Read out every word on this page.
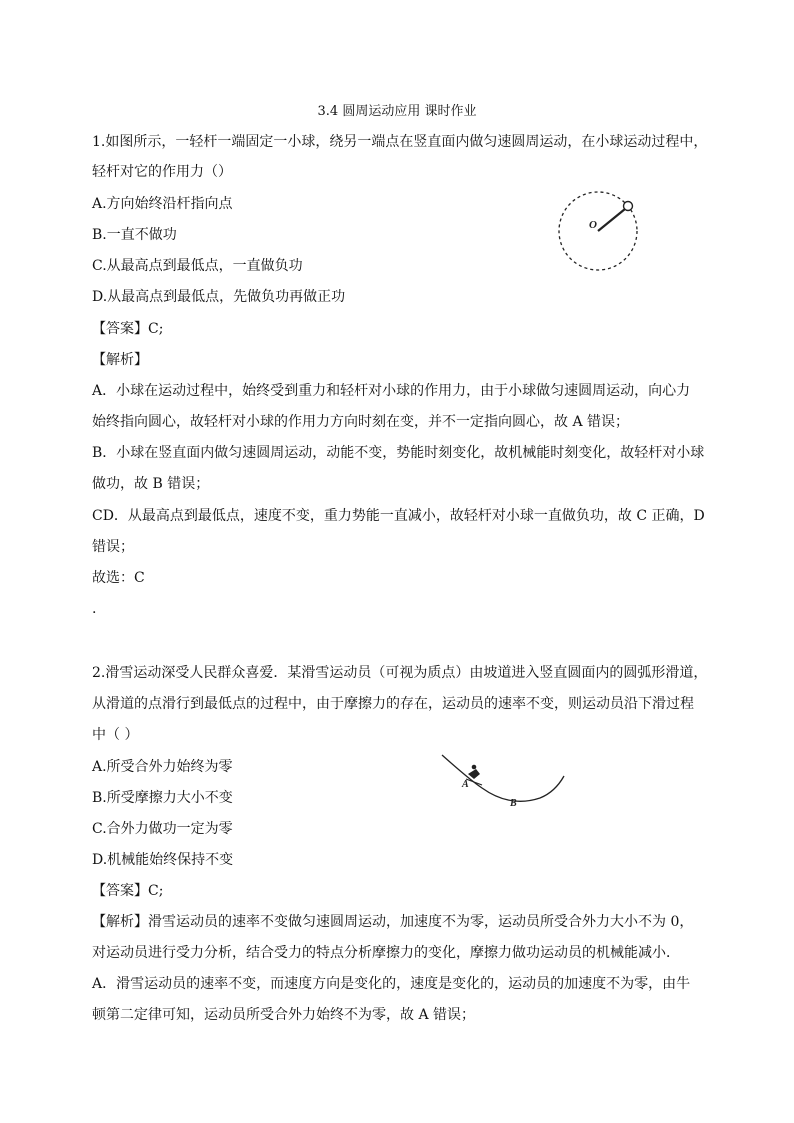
3.4 圆周运动应用 课时作业
1.如图所示，一轻杆一端固定一小球，绕另一端点在竖直面内做匀速圆周运动，在小球运动过程中，
轻杆对它的作用力（）
A.方向始终沿杆指向点
B.一直不做功
C.从最高点到最低点，一直做负功
D.从最高点到最低点，先做负功再做正功
【答案】C;
【解析】
A．小球在运动过程中，始终受到重力和轻杆对小球的作用力，由于小球做匀速圆周运动，向心力
始终指向圆心，故轻杆对小球的作用力方向时刻在变，并不一定指向圆心，故 A 错误；
B．小球在竖直面内做匀速圆周运动，动能不变，势能时刻变化，故机械能时刻变化，故轻杆对小球
做功，故 B 错误；
CD．从最高点到最低点，速度不变，重力势能一直减小，故轻杆对小球一直做负功，故 C 正确，D
错误；
故选：C
.
O
2.滑雪运动深受人民群众喜爱．某滑雪运动员（可视为质点）由坡道进入竖直圆面内的圆弧形滑道，
从滑道的点滑行到最低点的过程中，由于摩擦力的存在，运动员的速率不变，则运动员沿下滑过程
中（ ）
A.所受合外力始终为零
B.所受摩擦力大小不变
C.合外力做功一定为零
D.机械能始终保持不变
【答案】C;
【解析】滑雪运动员的速率不变做匀速圆周运动，加速度不为零，运动员所受合外力大小不为 0，
对运动员进行受力分析，结合受力的特点分析摩擦力的变化，摩擦力做功运动员的机械能减小．
A．滑雪运动员的速率不变，而速度方向是变化的，速度是变化的，运动员的加速度不为零，由牛
顿第二定律可知，运动员所受合外力始终不为零，故 A 错误；
A
B
